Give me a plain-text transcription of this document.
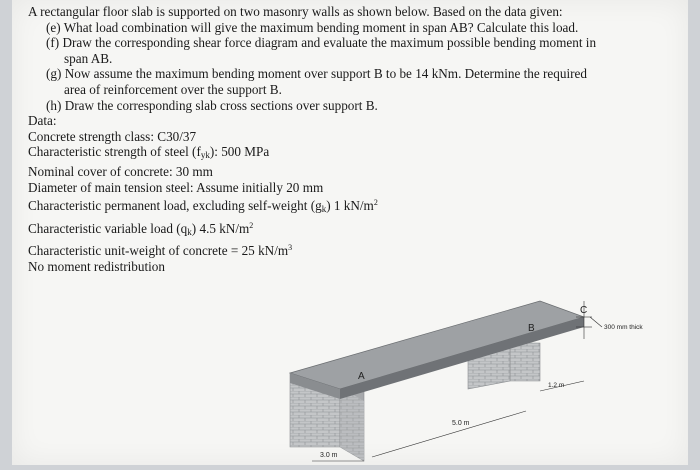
A rectangular floor slab is supported on two masonry walls as shown below. Based on the data given:
(e) What load combination will give the maximum bending moment in span AB? Calculate this load.
(f) Draw the corresponding shear force diagram and evaluate the maximum possible bending moment in
span AB.
(g) Now assume the maximum bending moment over support B to be 14 kNm. Determine the required
area of reinforcement over the support B.
(h) Draw the corresponding slab cross sections over support B.
Data:
Concrete strength class: C30/37
Characteristic strength of steel $(f_{yk})$: 500 MPa
Nominal cover of concrete: 30 mm
Diameter of main tension steel: Assume initially 20 mm
Characteristic permanent load, excluding self-weight $(g_k)$ 1 $kN/m^2$
Characteristic variable load $(q_k)$ 4.5 $kN/m^2$
Characteristic unit-weight of concrete = 25 $kN/m^3$
No moment redistribution
A
B
C
300 mm thick
1.2 m
5.0 m
3.0 m
